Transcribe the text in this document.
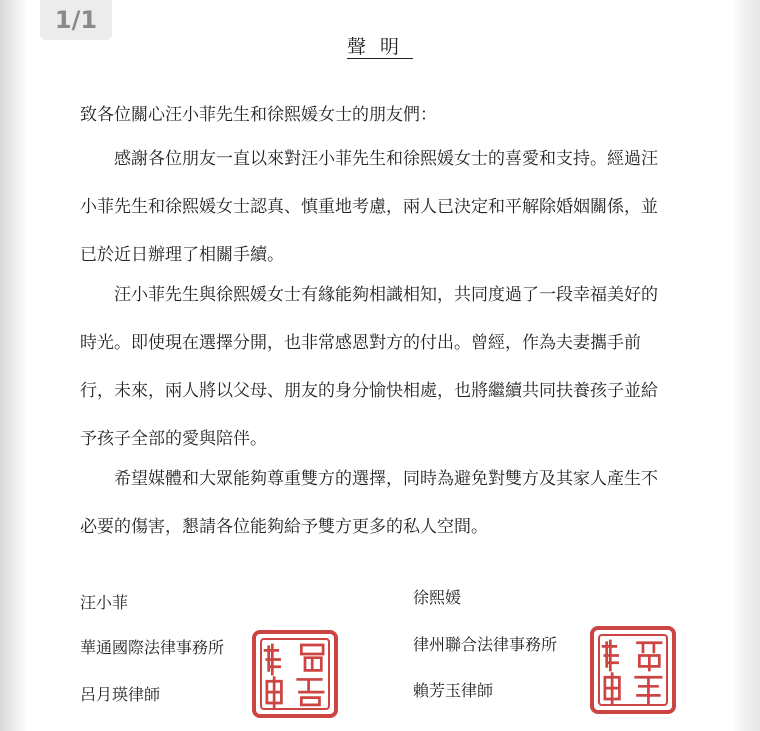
1/1
聲明
致各位關心汪小菲先生和徐熙媛女士的朋友們：

感謝各位朋友一直以來對汪小菲先生和徐熙媛女士的喜愛和支持。經過汪
小菲先生和徐熙媛女士認真、慎重地考慮，兩人已決定和平解除婚姻關係，並
已於近日辦理了相關手續。

汪小菲先生與徐熙媛女士有緣能夠相識相知，共同度過了一段幸福美好的
時光。即使現在選擇分開，也非常感恩對方的付出。曾經，作為夫妻攜手前
行，未來，兩人將以父母、朋友的身分愉快相處，也將繼續共同扶養孩子並給
予孩子全部的愛與陪伴。

希望媒體和大眾能夠尊重雙方的選擇，同時為避免對雙方及其家人產生不
必要的傷害，懇請各位能夠給予雙方更多的私人空間。

汪小菲
華通國際法律事務所
呂月瑛律師
徐熙媛
律州聯合法律事務所
賴芳玉律師
